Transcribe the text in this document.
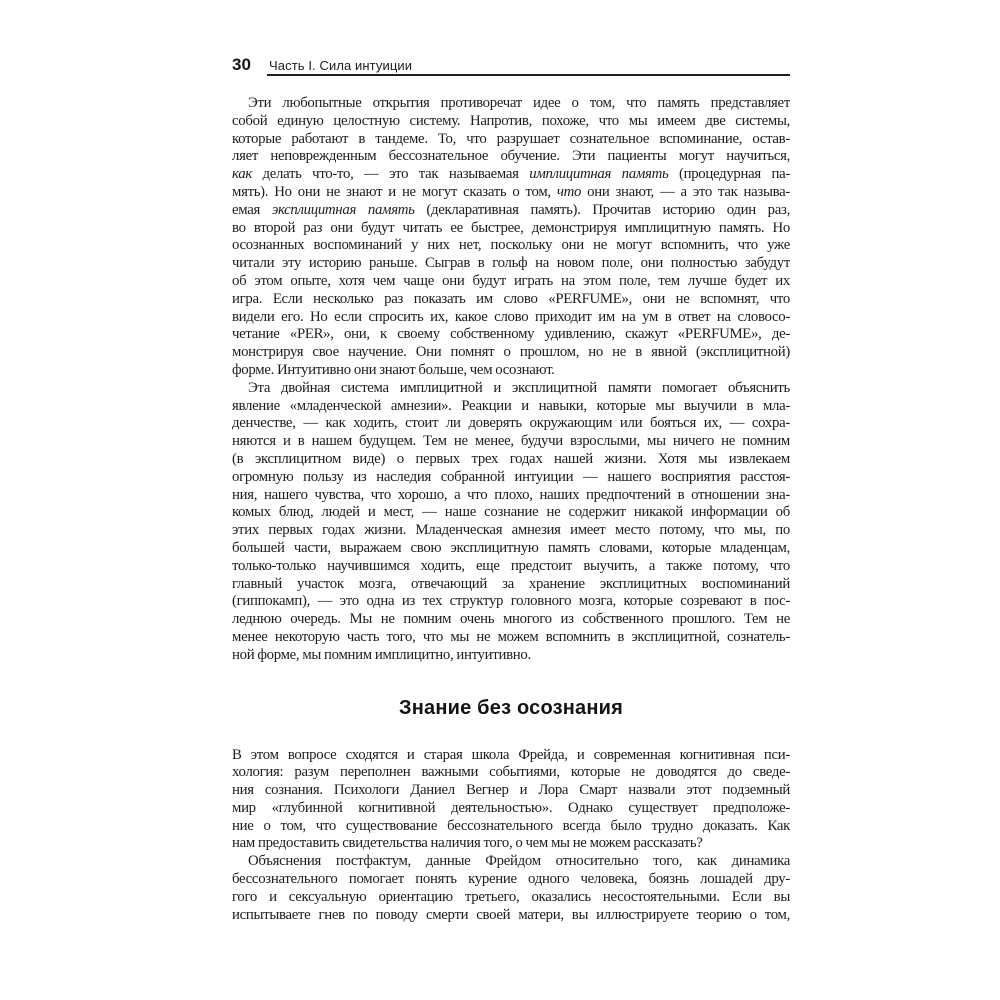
30 Часть I. Сила интуиции
Эти любопытные открытия противоречат идее о том, что память представляет
собой единую целостную систему. Напротив, похоже, что мы имеем две системы,
которые работают в тандеме. То, что разрушает сознательное вспоминание, остав-
ляет неповрежденным бессознательное обучение. Эти пациенты могут научиться,
как делать что-то, — это так называемая имплицитная память (процедурная па-
мять). Но они не знают и не могут сказать о том, что они знают, — а это так называ-
емая эксплицитная память (декларативная память). Прочитав историю один раз,
во второй раз они будут читать ее быстрее, демонстрируя имплицитную память. Но
осознанных воспоминаний у них нет, поскольку они не могут вспомнить, что уже
читали эту историю раньше. Сыграв в гольф на новом поле, они полностью забудут
об этом опыте, хотя чем чаще они будут играть на этом поле, тем лучше будет их
игра. Если несколько раз показать им слово «PERFUME», они не вспомнят, что
видели его. Но если спросить их, какое слово приходит им на ум в ответ на словосо-
четание «PER», они, к своему собственному удивлению, скажут «PERFUME», де-
монстрируя свое научение. Они помнят о прошлом, но не в явной (эксплицитной)
форме. Интуитивно они знают больше, чем осознают.
Эта двойная система имплицитной и эксплицитной памяти помогает объяснить
явление «младенческой амнезии». Реакции и навыки, которые мы выучили в мла-
денчестве, — как ходить, стоит ли доверять окружающим или бояться их, — сохра-
няются и в нашем будущем. Тем не менее, будучи взрослыми, мы ничего не помним
(в эксплицитном виде) о первых трех годах нашей жизни. Хотя мы извлекаем
огромную пользу из наследия собранной интуиции — нашего восприятия расстоя-
ния, нашего чувства, что хорошо, а что плохо, наших предпочтений в отношении зна-
комых блюд, людей и мест, — наше сознание не содержит никакой информации об
этих первых годах жизни. Младенческая амнезия имеет место потому, что мы, по
большей части, выражаем свою эксплицитную память словами, которые младенцам,
только-только научившимся ходить, еще предстоит выучить, а также потому, что
главный участок мозга, отвечающий за хранение эксплицитных воспоминаний
(гиппокамп), — это одна из тех структур головного мозга, которые созревают в пос-
леднюю очередь. Мы не помним очень многого из собственного прошлого. Тем не
менее некоторую часть того, что мы не можем вспомнить в эксплицитной, сознатель-
ной форме, мы помним имплицитно, интуитивно.
Знание без осознания
В этом вопросе сходятся и старая школа Фрейда, и современная когнитивная пси-
хология: разум переполнен важными событиями, которые не доводятся до сведе-
ния сознания. Психологи Даниел Вегнер и Лора Смарт назвали этот подземный
мир «глубинной когнитивной деятельностью». Однако существует предположе-
ние о том, что существование бессознательного всегда было трудно доказать. Как
нам предоставить свидетельства наличия того, о чем мы не можем рассказать?
Объяснения постфактум, данные Фрейдом относительно того, как динамика
бессознательного помогает понять курение одного человека, боязнь лошадей дру-
гого и сексуальную ориентацию третьего, оказались несостоятельными. Если вы
испытываете гнев по поводу смерти своей матери, вы иллюстрируете теорию о том,
